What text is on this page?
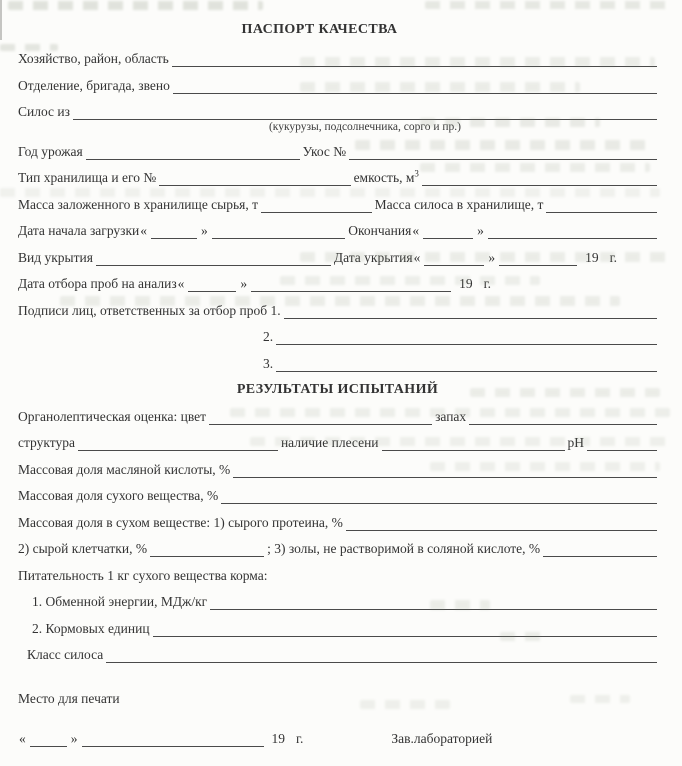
ПАСПОРТ КАЧЕСТВА
Хозяйство, район, область
Отделение, бригада, звено
Силос из
(кукурузы, подсолнечника, сорго и пр.)
Год урожая	Укос №
Тип хранилища и его №	емкость, $м^3$
Масса заложенного в хранилище сырья, т	Масса силоса в хранилище, т
Дата начала загрузки «	»	Окончания «	»
Вид укрытия	Дата укрытия «	»	19 г.
Дата отбора проб на анализ «	»	19 г.
Подписи лиц, ответственных за отбор проб 1.
2.
3.
РЕЗУЛЬТАТЫ ИСПЫТАНИЙ
Органолептическая оценка: цвет	запах
структура	наличие плесени	pH
Массовая доля масляной кислоты, %
Массовая доля сухого вещества, %
Массовая доля в сухом веществе: 1) сырого протеина, %
2) сырой клетчатки, %	; 3) золы, не растворимой в соляной кислоте, %
Питательность 1 кг сухого вещества корма:
1. Обменной энергии, МДж/кг
2. Кормовых единиц
Класс силоса
Место для печати
«	»	19 г.	Зав.лабораторией
